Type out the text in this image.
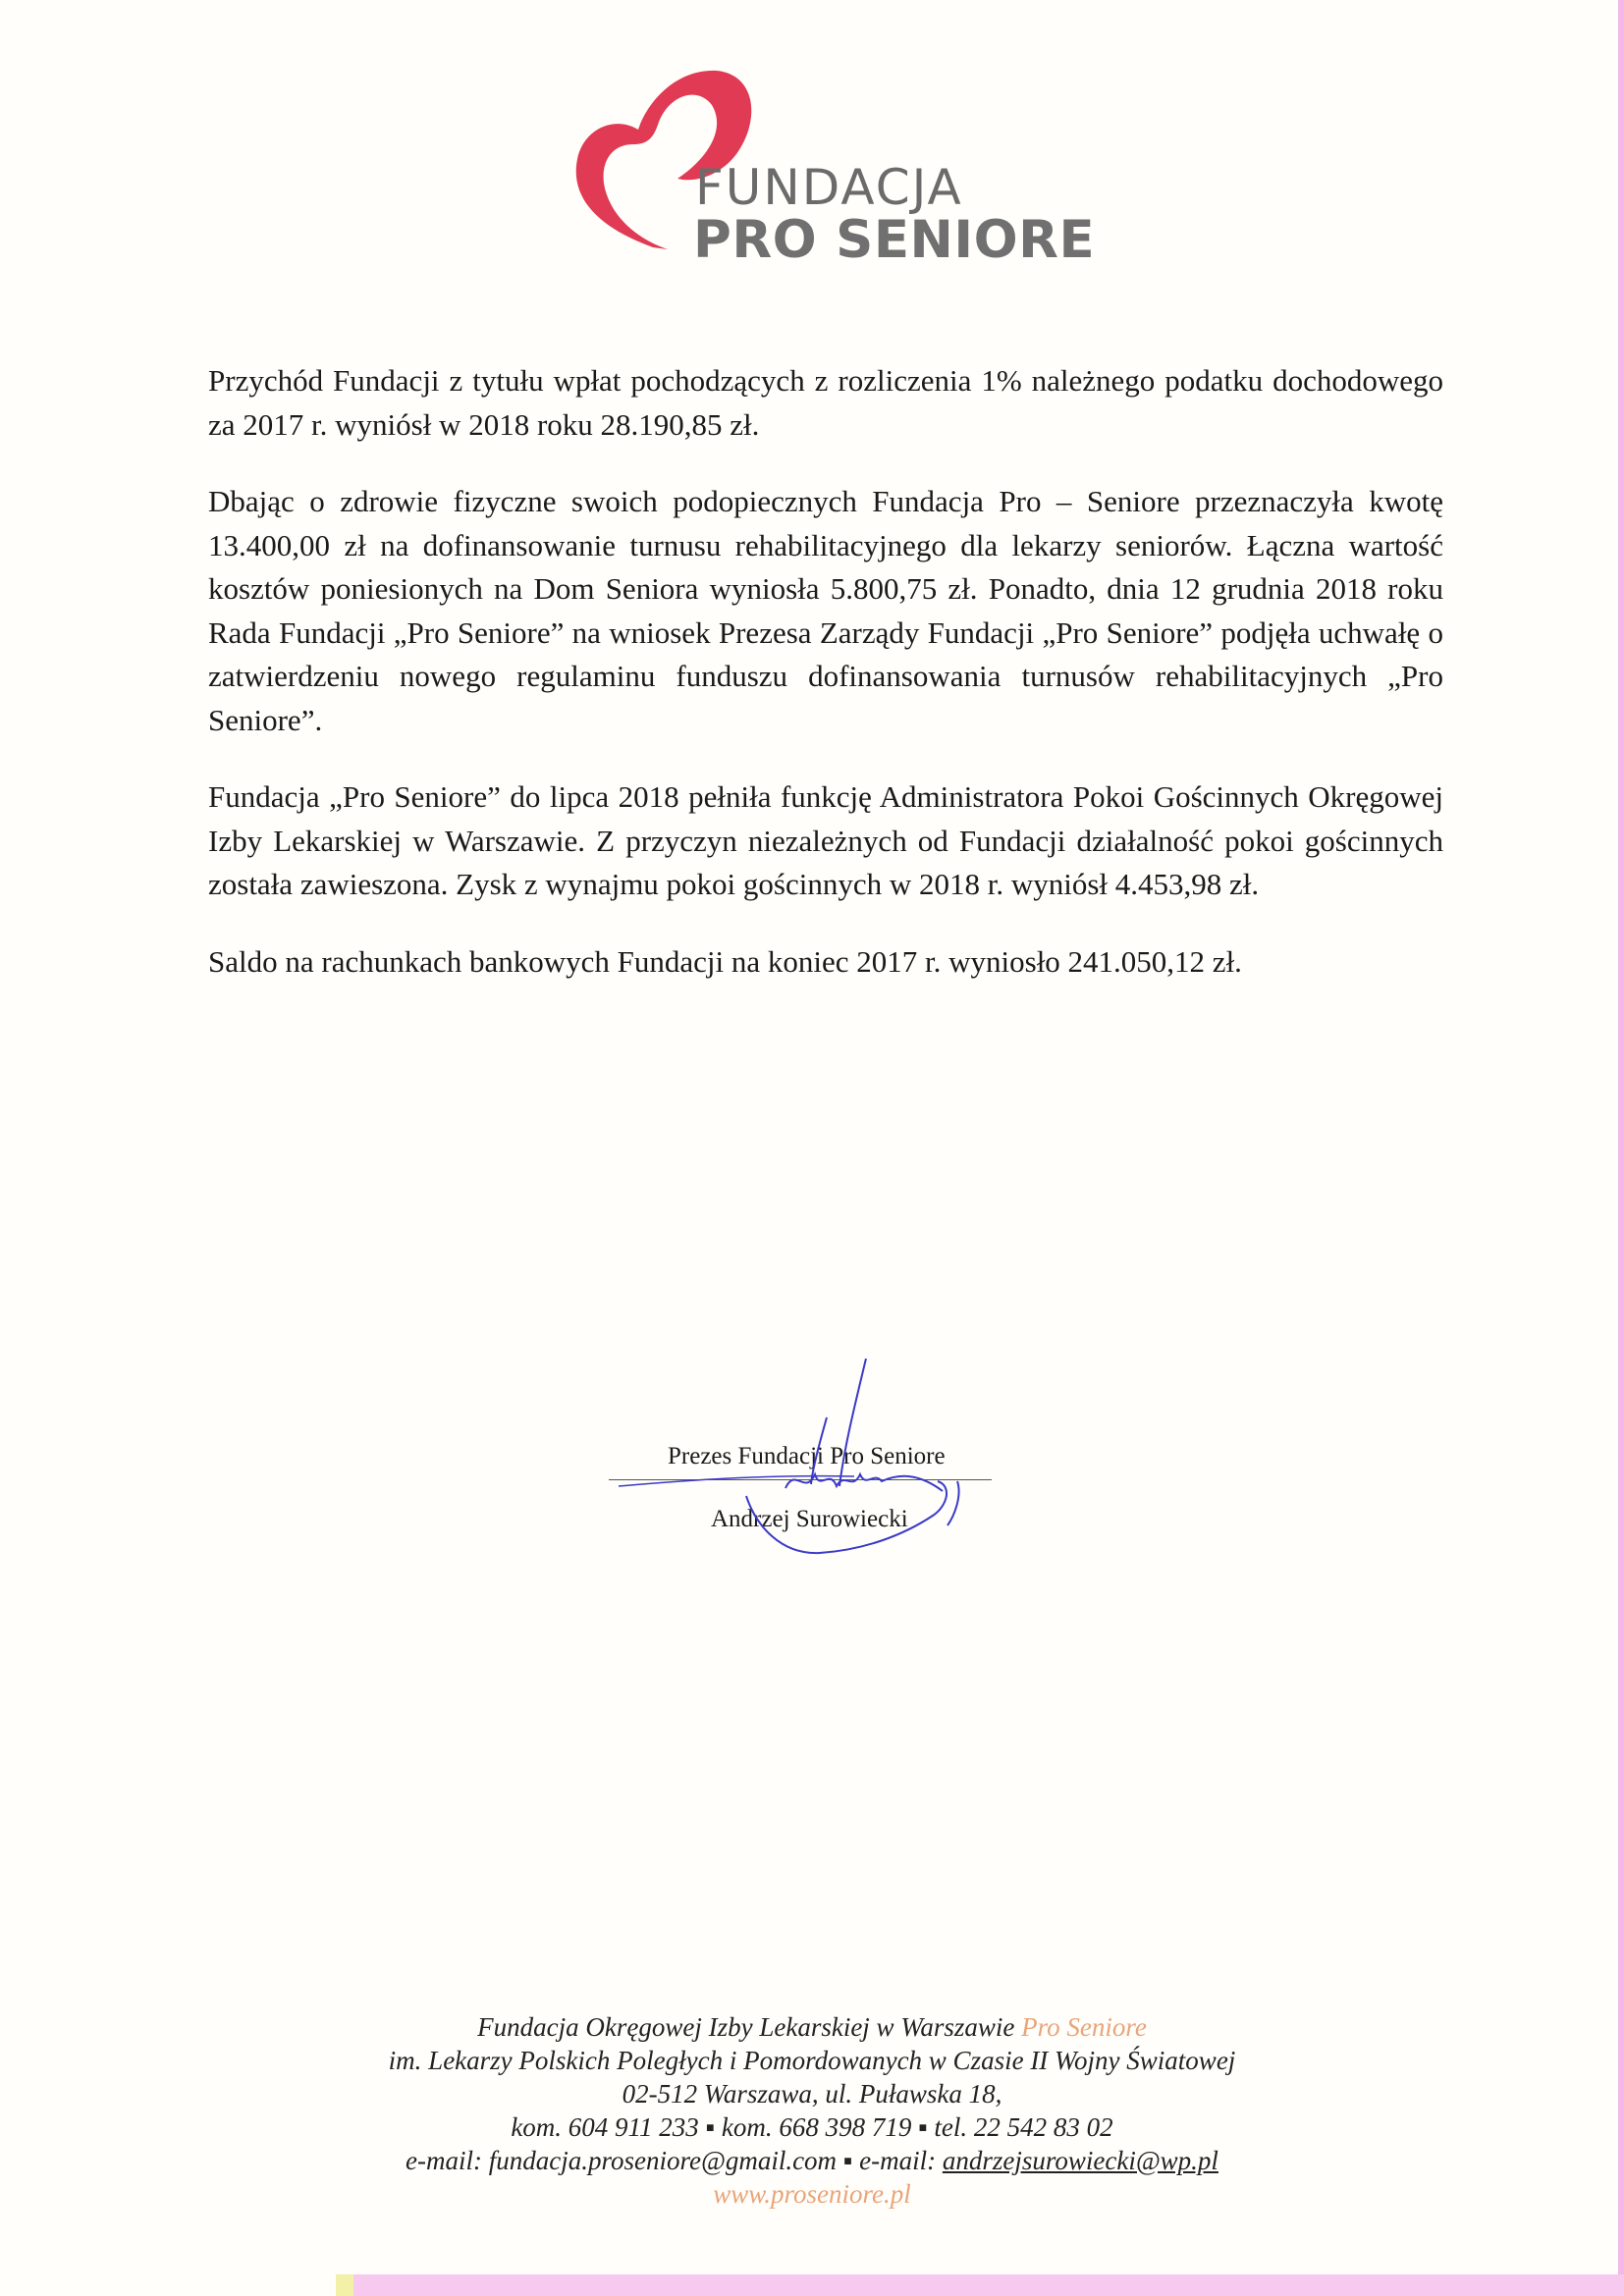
FUNDACJA
PRO SENIORE

Przychód Fundacji z tytułu wpłat pochodzących z rozliczenia 1% należnego podatku dochodowego za 2017 r. wyniósł w 2018 roku 28.190,85 zł.

Dbając o zdrowie fizyczne swoich podopiecznych Fundacja Pro – Seniore przeznaczyła kwotę 13.400,00 zł na dofinansowanie turnusu rehabilitacyjnego dla lekarzy seniorów. Łączna wartość kosztów poniesionych na Dom Seniora wyniosła 5.800,75 zł. Ponadto, dnia 12 grudnia 2018 roku Rada Fundacji „Pro Seniore” na wniosek Prezesa Zarządy Fundacji „Pro Seniore” podjęła uchwałę o zatwierdzeniu nowego regulaminu funduszu dofinansowania turnusów rehabilitacyjnych „Pro Seniore”.

Fundacja „Pro Seniore” do lipca 2018 pełniła funkcję Administratora Pokoi Gościnnych Okręgowej Izby Lekarskiej w Warszawie. Z przyczyn niezależnych od Fundacji działalność pokoi gościnnych została zawieszona. Zysk z wynajmu pokoi gościnnych w 2018 r. wyniósł 4.453,98 zł.

Saldo na rachunkach bankowych Fundacji na koniec 2017 r. wyniosło 241.050,12 zł.

Prezes Fundacji Pro Seniore
Andrzej Surowiecki
Fundacja Okręgowej Izby Lekarskiej w Warszawie Pro Seniore
im. Lekarzy Polskich Poległych i Pomordowanych w Czasie II Wojny Światowej
02-512 Warszawa, ul. Puławska 18,
kom. 604 911 233 ▪ kom. 668 398 719 ▪ tel. 22 542 83 02
e-mail: fundacja.proseniore@gmail.com ▪ e-mail: andrzejsurowiecki@wp.pl
www.proseniore.pl
